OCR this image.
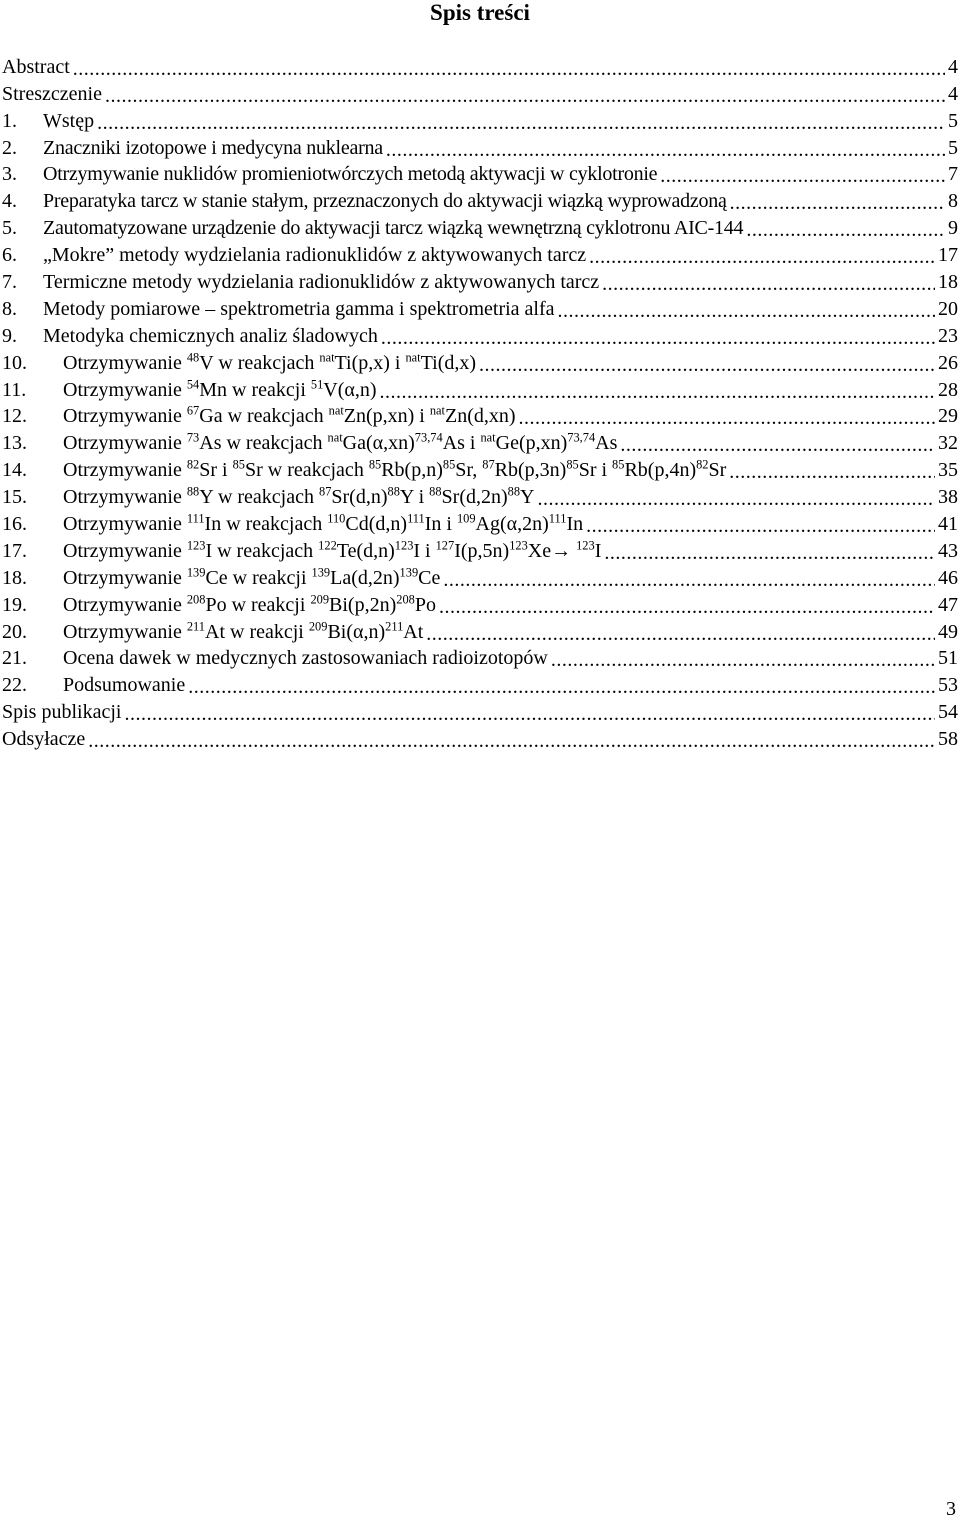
Spis treści
Abstract .....	4
Streszczenie .....	4
1.	Wstęp .....	5
2.	Znaczniki izotopowe i medycyna nuklearna .....	5
3.	Otrzymywanie nuklidów promieniotwórczych metodą aktywacji w cyklotronie .....	7
4.	Preparatyka tarcz w stanie stałym, przeznaczonych do aktywacji wiązką wyprowadzoną .....	8
5.	Zautomatyzowane urządzenie do aktywacji tarcz wiązką wewnętrzną cyklotronu AIC-144 .....	9
6.	„Mokre” metody wydzielania radionuklidów z aktywowanych tarcz .....	17
7.	Termiczne metody wydzielania radionuklidów z aktywowanych tarcz .....	18
8.	Metody pomiarowe – spektrometria gamma i spektrometria alfa .....	20
9.	Metodyka chemicznych analiz śladowych .....	23
10.	Otrzymywanie $^{48}$V w reakcjach $^{nat}$Ti(p,x) i $^{nat}$Ti(d,x) .....	26
11.	Otrzymywanie $^{54}$Mn w reakcji $^{51}$V(α,n) .....	28
12.	Otrzymywanie $^{67}$Ga w reakcjach $^{nat}$Zn(p,xn) i $^{nat}$Zn(d,xn) .....	29
13.	Otrzymywanie $^{73}$As w reakcjach $^{nat}Ga(\alpha,xn)^{73,74}As$ i $^{nat}Ge(p,xn)^{73,74}As$ .....	32
14.	Otrzymywanie $^{82}$Sr i $^{85}$Sr w reakcjach $^{85}Rb(p,n)^{85}Sr$, $^{87}Rb(p,3n)^{85}Sr$ i $^{85}Rb(p,4n)^{82}Sr$ .....	35
15.	Otrzymywanie $^{88}$Y w reakcjach $^{87}Sr(d,n)^{88}Y$ i $^{88}Sr(d,2n)^{88}Y$ .....	38
16.	Otrzymywanie $^{111}$In w reakcjach $^{110}Cd(d,n)^{111}In$ i $^{109}Ag(\alpha,2n)^{111}In$ .....	41
17.	Otrzymywanie $^{123}$I w reakcjach $^{122}Te(d,n)^{123}I$ i $^{127}I(p,5n)^{123}Xe\to ^{123}I$ .....	43
18.	Otrzymywanie $^{139}$Ce w reakcji $^{139}La(d,2n)^{139}Ce$ .....	46
19.	Otrzymywanie $^{208}$Po w reakcji $^{209}Bi(p,2n)^{208}Po$ .....	47
20.	Otrzymywanie $^{211}$At w reakcji $^{209}Bi(\alpha,n)^{211}At$ .....	49
21.	Ocena dawek w medycznych zastosowaniach radioizotopów .....	51
22.	Podsumowanie .....	53
Spis publikacji .....	54
Odsyłacze .....	58

3
